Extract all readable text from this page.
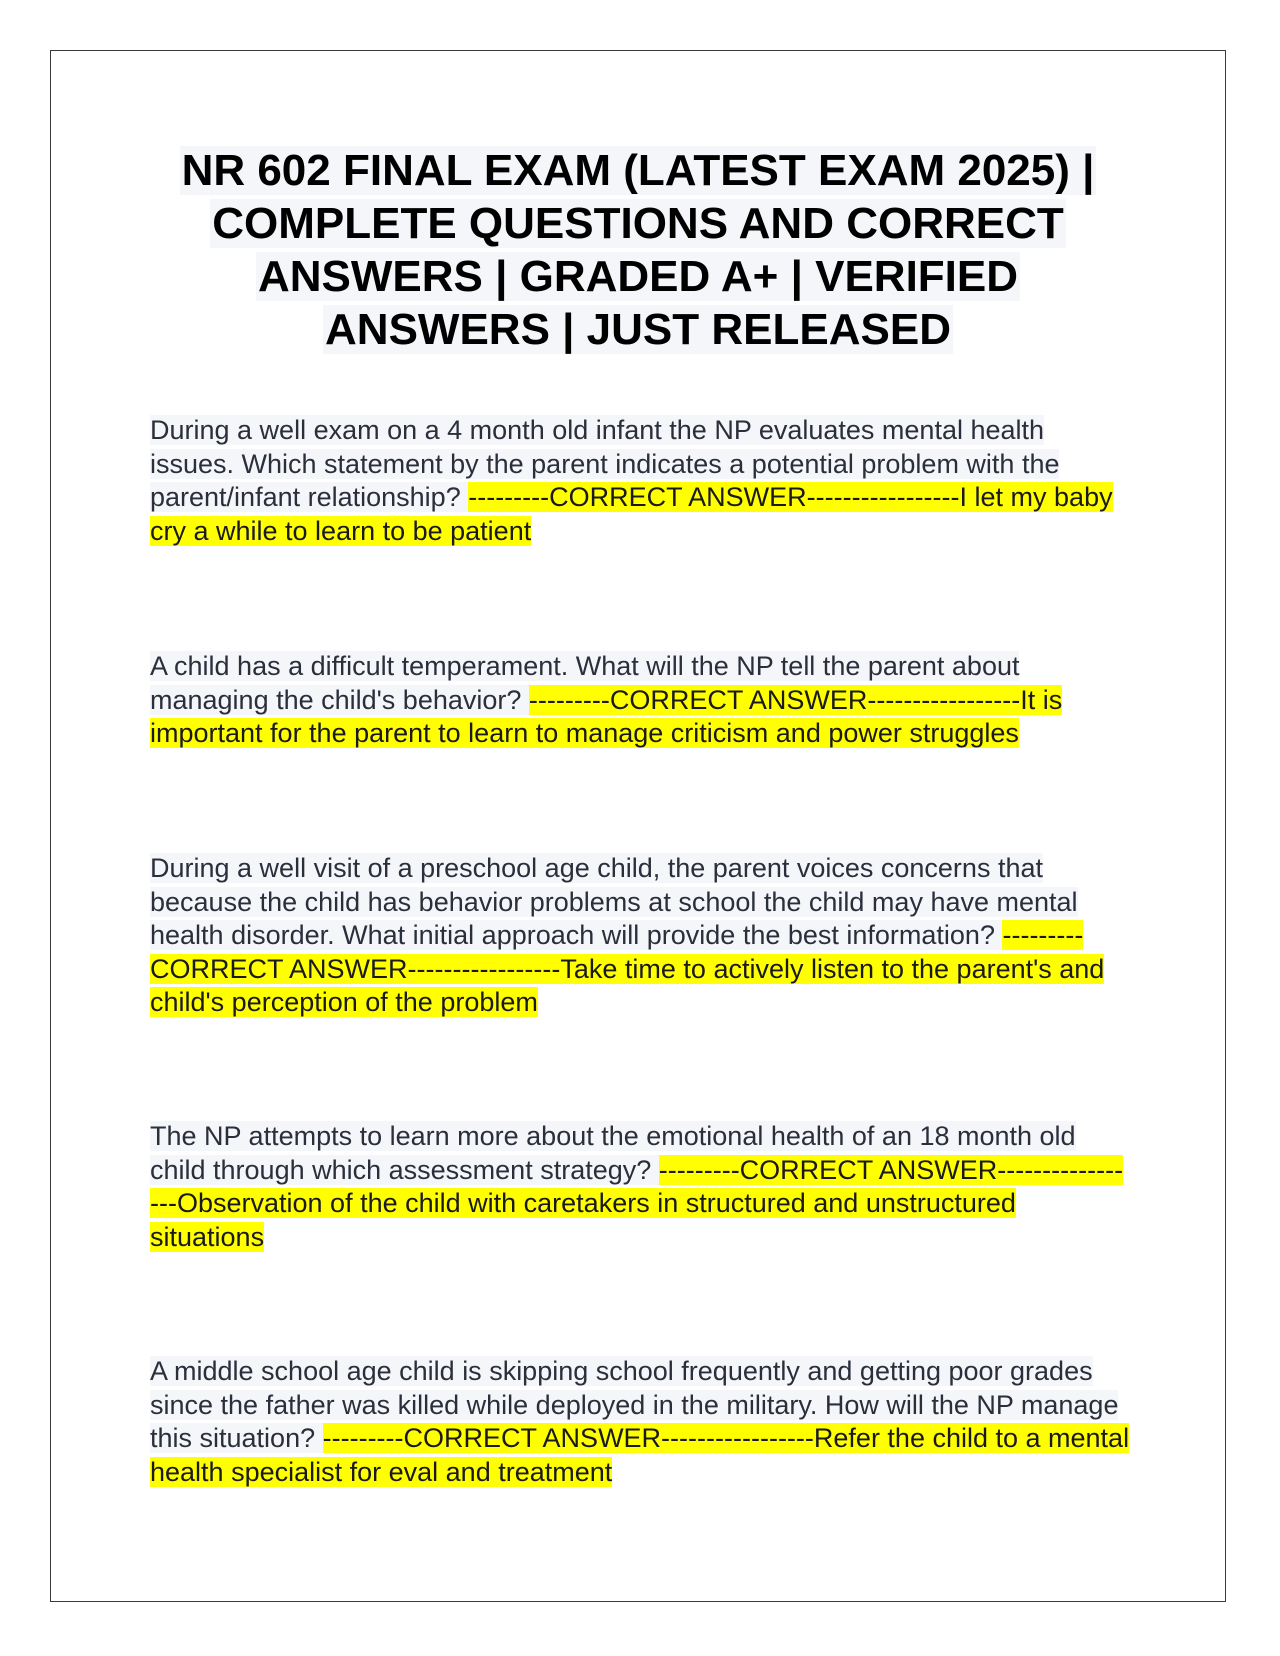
NR 602 FINAL EXAM (LATEST EXAM 2025) |
COMPLETE QUESTIONS AND CORRECT
ANSWERS | GRADED A+ | VERIFIED
ANSWERS | JUST RELEASED
During a well exam on a 4 month old infant the NP evaluates mental health issues. Which statement by the parent indicates a potential problem with the parent/infant relationship? ---------CORRECT ANSWER-----------------I let my baby cry a while to learn to be patient
A child has a difficult temperament. What will the NP tell the parent about managing the child's behavior? ---------CORRECT ANSWER-----------------It is important for the parent to learn to manage criticism and power struggles
During a well visit of a preschool age child, the parent voices concerns that because the child has behavior problems at school the child may have mental health disorder. What initial approach will provide the best information? ---------CORRECT ANSWER-----------------Take time to actively listen to the parent's and child's perception of the problem
The NP attempts to learn more about the emotional health of an 18 month old child through which assessment strategy? ---------CORRECT ANSWER-----------------Observation of the child with caretakers in structured and unstructured situations
A middle school age child is skipping school frequently and getting poor grades since the father was killed while deployed in the military. How will the NP manage this situation? ---------CORRECT ANSWER-----------------Refer the child to a mental health specialist for eval and treatment
